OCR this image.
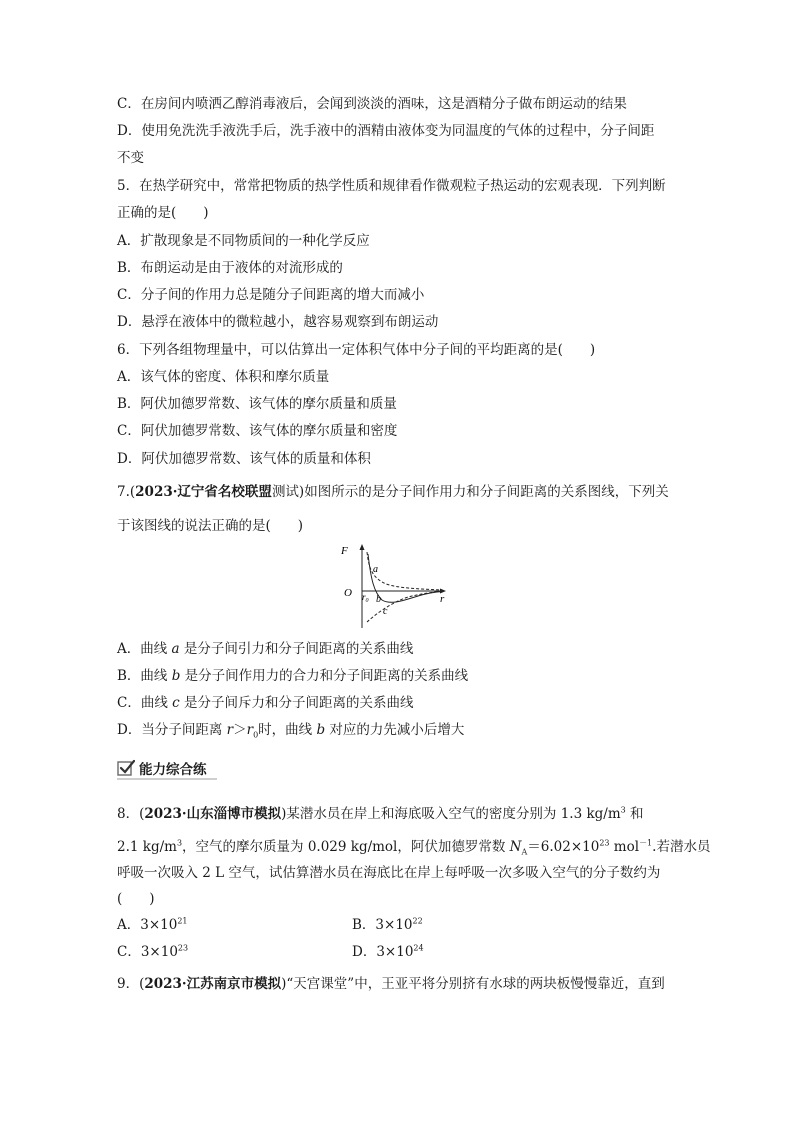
C．在房间内喷洒乙醇消毒液后，会闻到淡淡的酒味，这是酒精分子做布朗运动的结果
D．使用免洗洗手液洗手后，洗手液中的酒精由液体变为同温度的气体的过程中，分子间距
不变
5．在热学研究中，常常把物质的热学性质和规律看作微观粒子热运动的宏观表现．下列判断
正确的是(　　)
A．扩散现象是不同物质间的一种化学反应
B．布朗运动是由于液体的对流形成的
C．分子间的作用力总是随分子间距离的增大而减小
D．悬浮在液体中的微粒越小，越容易观察到布朗运动
6．下列各组物理量中，可以估算出一定体积气体中分子间的平均距离的是(　　)
A．该气体的密度、体积和摩尔质量
B．阿伏加德罗常数、该气体的摩尔质量和质量
C．阿伏加德罗常数、该气体的摩尔质量和密度
D．阿伏加德罗常数、该气体的质量和体积
7.(2023·辽宁省名校联盟测试)如图所示的是分子间作用力和分子间距离的关系图线，下列关
于该图线的说法正确的是(　　)
F
O	r
$r_0$
a
b
c
A．曲线 a 是分子间引力和分子间距离的关系曲线
B．曲线 b 是分子间作用力的合力和分子间距离的关系曲线
C．曲线 c 是分子间斥力和分子间距离的关系曲线
D．当分子间距离 $r>r_0$时，曲线 b 对应的力先减小后增大
能力综合练
8．(2023·山东淄博市模拟)某潜水员在岸上和海底吸入空气的密度分别为 1.3 $kg/m^3$ 和
2.1 $kg/m^3$，空气的摩尔质量为 0.029 kg/mol，阿伏加德罗常数 $N_A=6.02\times 10^{23}$ mol$^{-1}$.若潜水员
呼吸一次吸入 2 L 空气，试估算潜水员在海底比在岸上每呼吸一次多吸入空气的分子数约为
(　　)
A．$3\times 10^{21}$	B．$3\times 10^{22}$
C．$3\times 10^{23}$	D．$3\times 10^{24}$
9．(2023·江苏南京市模拟)“天宫课堂”中，王亚平将分别挤有水球的两块板慢慢靠近，直到
